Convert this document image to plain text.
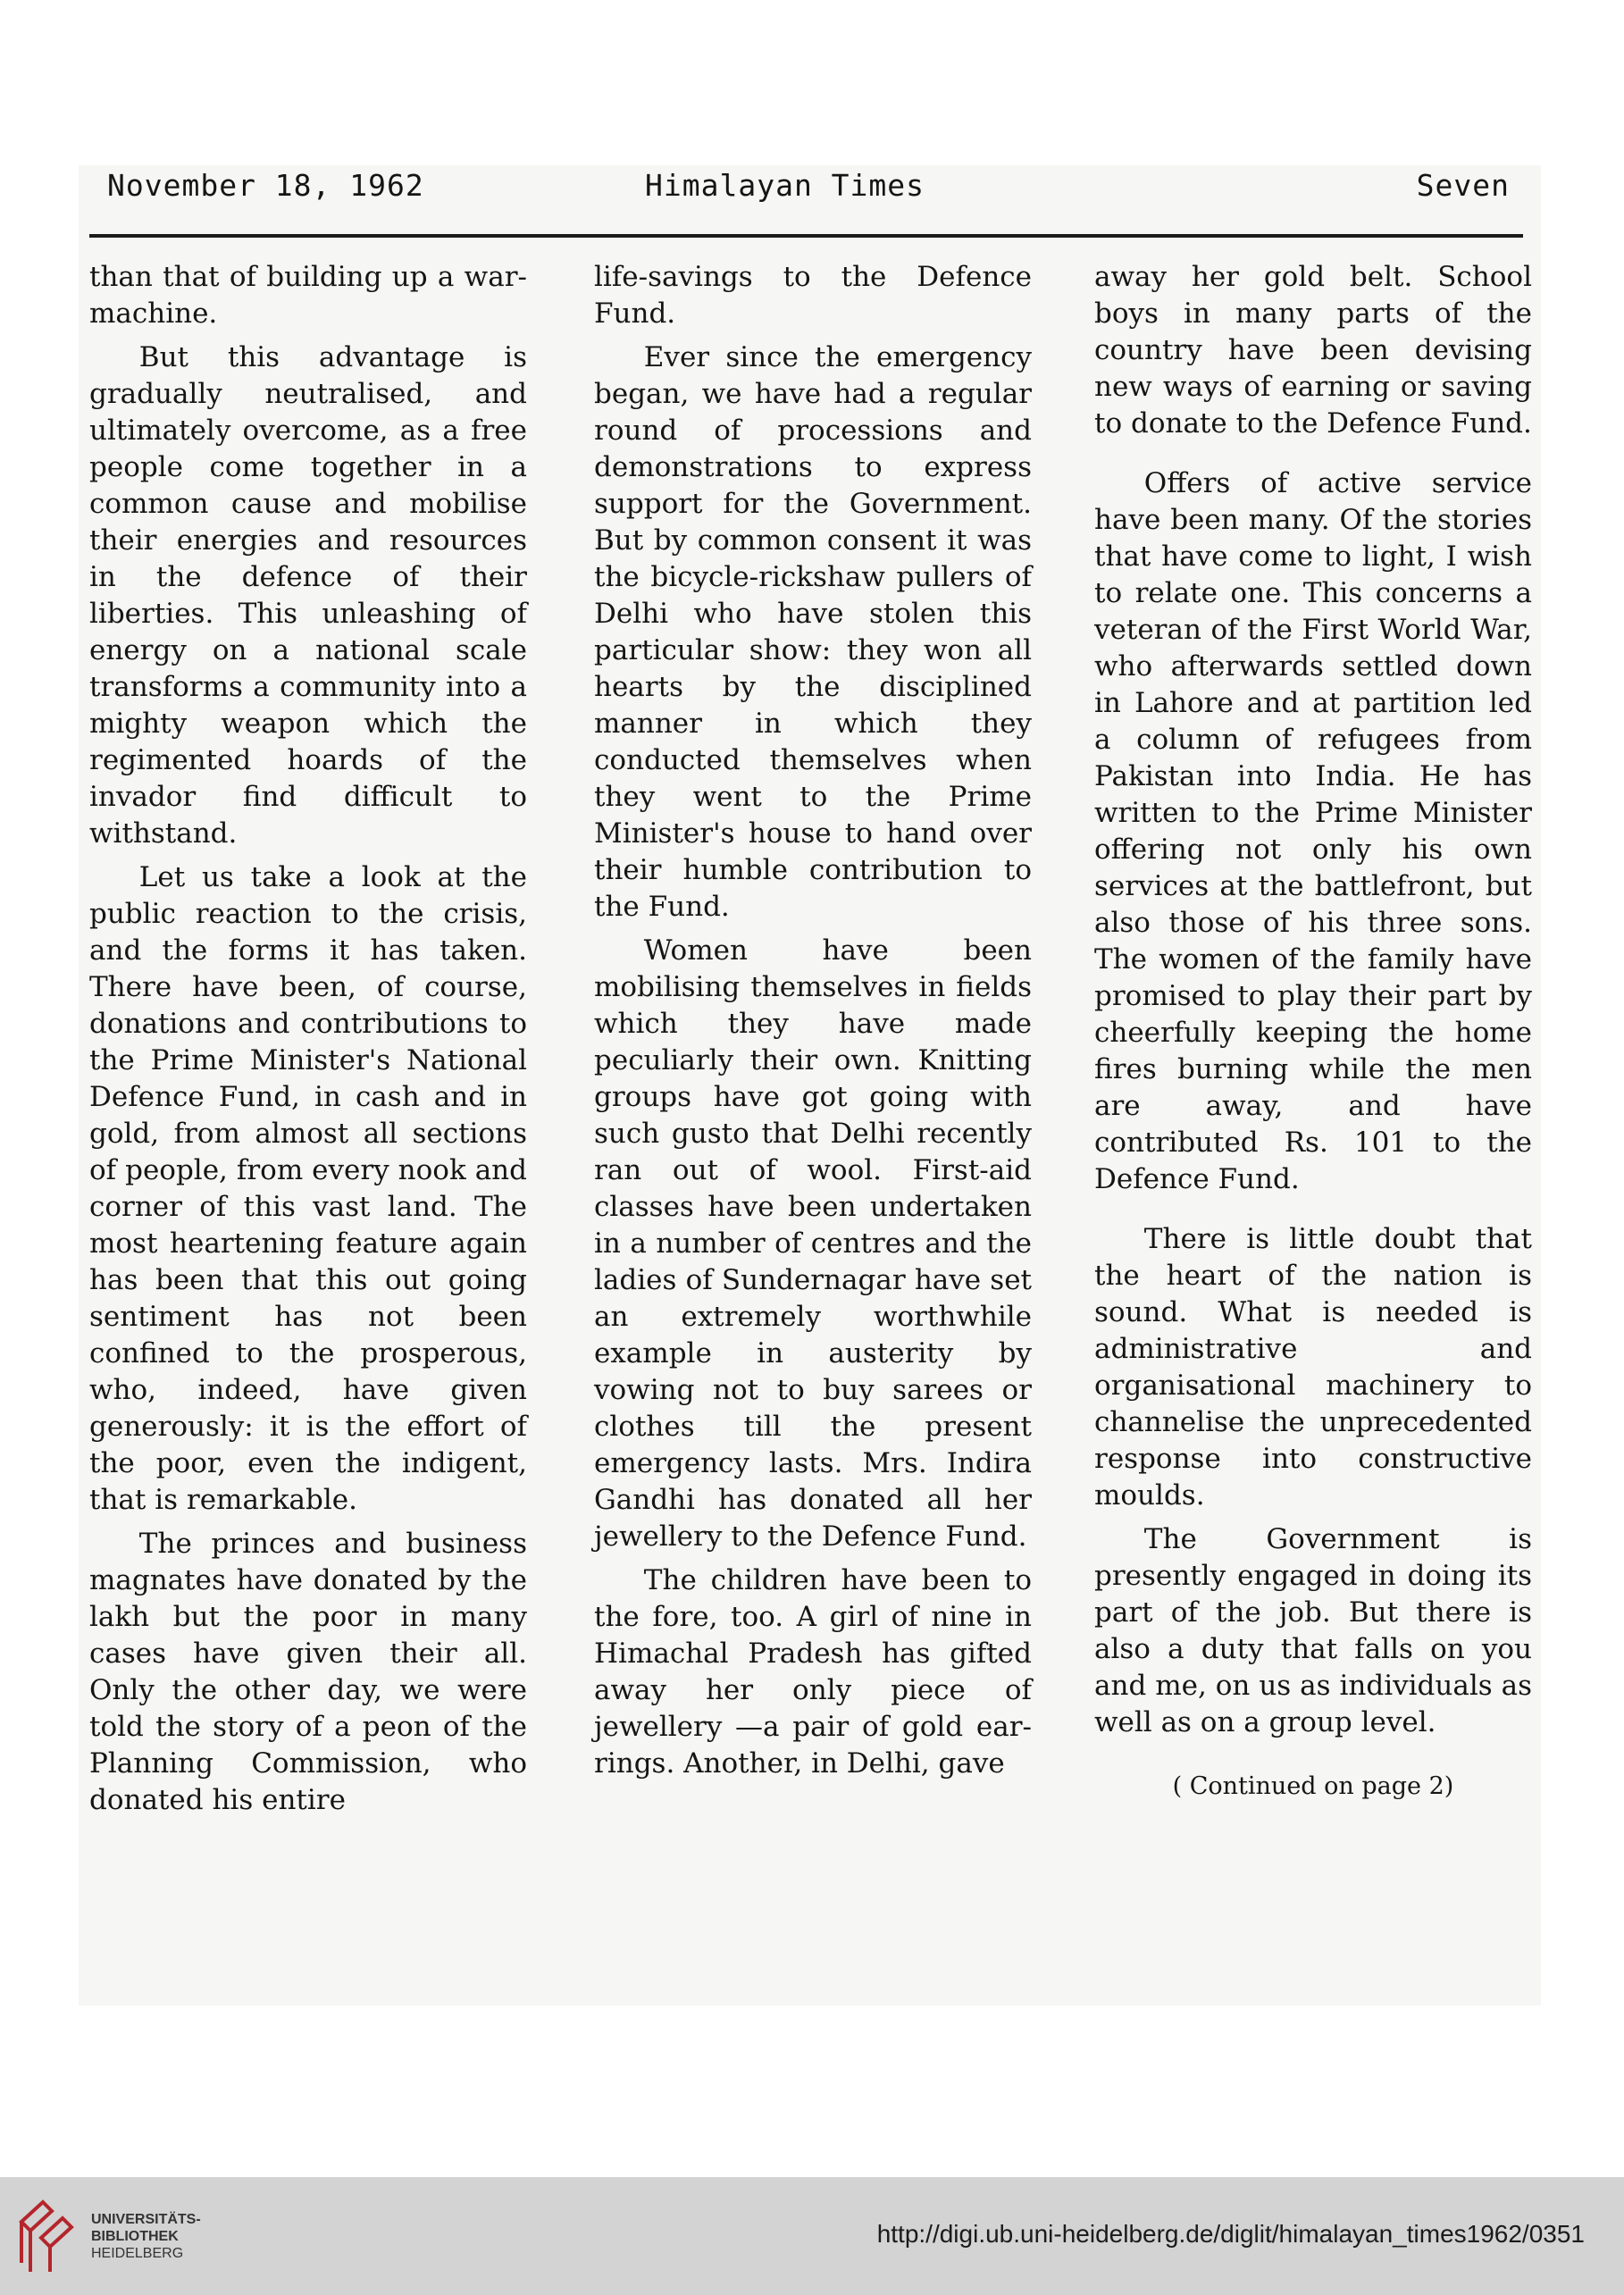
November 18, 1962	Himalayan Times	Seven

than that of building up a war-machine.

But this advantage is gradually neutralised, and ultimately overcome, as a free people come together in a common cause and mobilise their energies and resources in the defence of their liberties. This unleashing of energy on a national scale transforms a community into a mighty weapon which the regimented hoards of the invador find difficult to withstand.

Let us take a look at the public reaction to the crisis, and the forms it has taken. There have been, of course, donations and contributions to the Prime Minister's National Defence Fund, in cash and in gold, from almost all sections of people, from every nook and corner of this vast land. The most heartening feature again has been that this out going sentiment has not been confined to the prosperous, who, indeed, have given generously: it is the effort of the poor, even the indigent, that is remarkable.

The princes and business magnates have donated by the lakh but the poor in many cases have given their all. Only the other day, we were told the story of a peon of the Planning Commission, who donated his entire

life-savings to the Defence Fund.

Ever since the emergency began, we have had a regular round of processions and demonstrations to express support for the Government. But by common consent it was the bicycle-rickshaw pullers of Delhi who have stolen this particular show: they won all hearts by the disciplined manner in which they conducted themselves when they went to the Prime Minister's house to hand over their humble contribution to the Fund.

Women have been mobilising themselves in fields which they have made peculiarly their own. Knitting groups have got going with such gusto that Delhi recently ran out of wool. First-aid classes have been undertaken in a number of centres and the ladies of Sundernagar have set an extremely worthwhile example in austerity by vowing not to buy sarees or clothes till the present emergency lasts. Mrs. Indira Gandhi has donated all her jewellery to the Defence Fund.

The children have been to the fore, too. A girl of nine in Himachal Pradesh has gifted away her only piece of jewellery —a pair of gold ear-rings. Another, in Delhi, gave

away her gold belt. School boys in many parts of the country have been devising new ways of earning or saving to donate to the Defence Fund.

Offers of active service have been many. Of the stories that have come to light, I wish to relate one. This concerns a veteran of the First World War, who afterwards settled down in Lahore and at partition led a column of refugees from Pakistan into India. He has written to the Prime Minister offering not only his own services at the battlefront, but also those of his three sons. The women of the family have promised to play their part by cheerfully keeping the home fires burning while the men are away, and have contributed Rs. 101 to the Defence Fund.

There is little doubt that the heart of the nation is sound. What is needed is administrative and organisational machinery to channelise the unprecedented response into constructive moulds.

The Government is presently engaged in doing its part of the job. But there is also a duty that falls on you and me, on us as individuals as well as on a group level.

( Continued on page 2)

UNIVERSITÄTS-
BIBLIOTHEK
HEIDELBERG
http://digi.ub.uni-heidelberg.de/diglit/himalayan_times1962/0351
